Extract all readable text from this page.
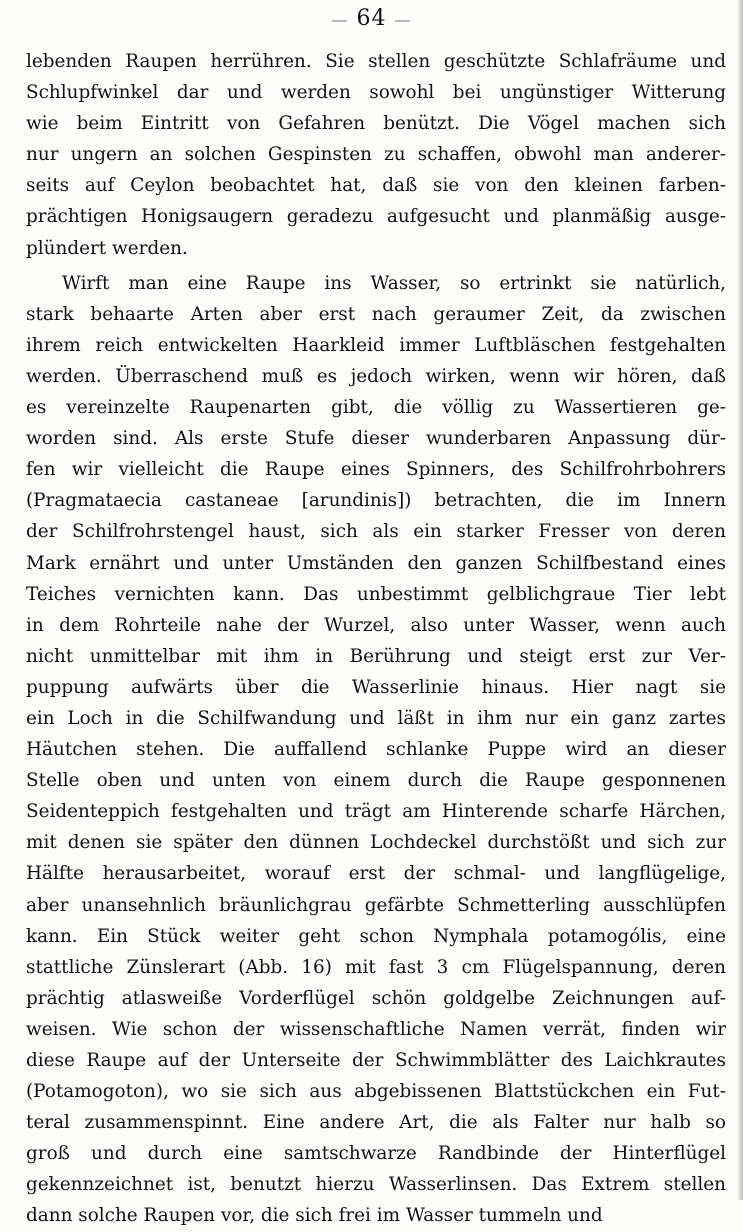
— 64 —
lebenden Raupen herrühren. Sie stellen geschützte Schlafräume und
Schlupfwinkel dar und werden sowohl bei ungünstiger Witterung
wie beim Eintritt von Gefahren benützt. Die Vögel machen sich
nur ungern an solchen Gespinsten zu schaffen, obwohl man anderer-
seits auf Ceylon beobachtet hat, daß sie von den kleinen farben-
prächtigen Honigsaugern geradezu aufgesucht und planmäßig ausge-
plündert werden.
Wirft man eine Raupe ins Wasser, so ertrinkt sie natürlich,
stark behaarte Arten aber erst nach geraumer Zeit, da zwischen
ihrem reich entwickelten Haarkleid immer Luftbläschen festgehalten
werden. Überraschend muß es jedoch wirken, wenn wir hören, daß
es vereinzelte Raupenarten gibt, die völlig zu Wassertieren ge-
worden sind. Als erste Stufe dieser wunderbaren Anpassung dür-
fen wir vielleicht die Raupe eines Spinners, des Schilfrohrbohrers
(Pragmataecia castaneae [arundinis]) betrachten, die im Innern
der Schilfrohrstengel haust, sich als ein starker Fresser von deren
Mark ernährt und unter Umständen den ganzen Schilfbestand eines
Teiches vernichten kann. Das unbestimmt gelblichgraue Tier lebt
in dem Rohrteile nahe der Wurzel, also unter Wasser, wenn auch
nicht unmittelbar mit ihm in Berührung und steigt erst zur Ver-
puppung aufwärts über die Wasserlinie hinaus. Hier nagt sie
ein Loch in die Schilfwandung und läßt in ihm nur ein ganz zartes
Häutchen stehen. Die auffallend schlanke Puppe wird an dieser
Stelle oben und unten von einem durch die Raupe gesponnenen
Seidenteppich festgehalten und trägt am Hinterende scharfe Härchen,
mit denen sie später den dünnen Lochdeckel durchstößt und sich zur
Hälfte herausarbeitet, worauf erst der schmal- und langflügelige,
aber unansehnlich bräunlichgrau gefärbte Schmetterling ausschlüpfen
kann. Ein Stück weiter geht schon Nymphala potamogólis, eine
stattliche Zünslerart (Abb. 16) mit fast 3 cm Flügelspannung, deren
prächtig atlasweiße Vorderflügel schön goldgelbe Zeichnungen auf-
weisen. Wie schon der wissenschaftliche Namen verrät, finden wir
diese Raupe auf der Unterseite der Schwimmblätter des Laichkrautes
(Potamogoton), wo sie sich aus abgebissenen Blattstückchen ein Fut-
teral zusammenspinnt. Eine andere Art, die als Falter nur halb so
groß und durch eine samtschwarze Randbinde der Hinterflügel
gekennzeichnet ist, benutzt hierzu Wasserlinsen. Das Extrem stellen
dann solche Raupen vor, die sich frei im Wasser tummeln und
